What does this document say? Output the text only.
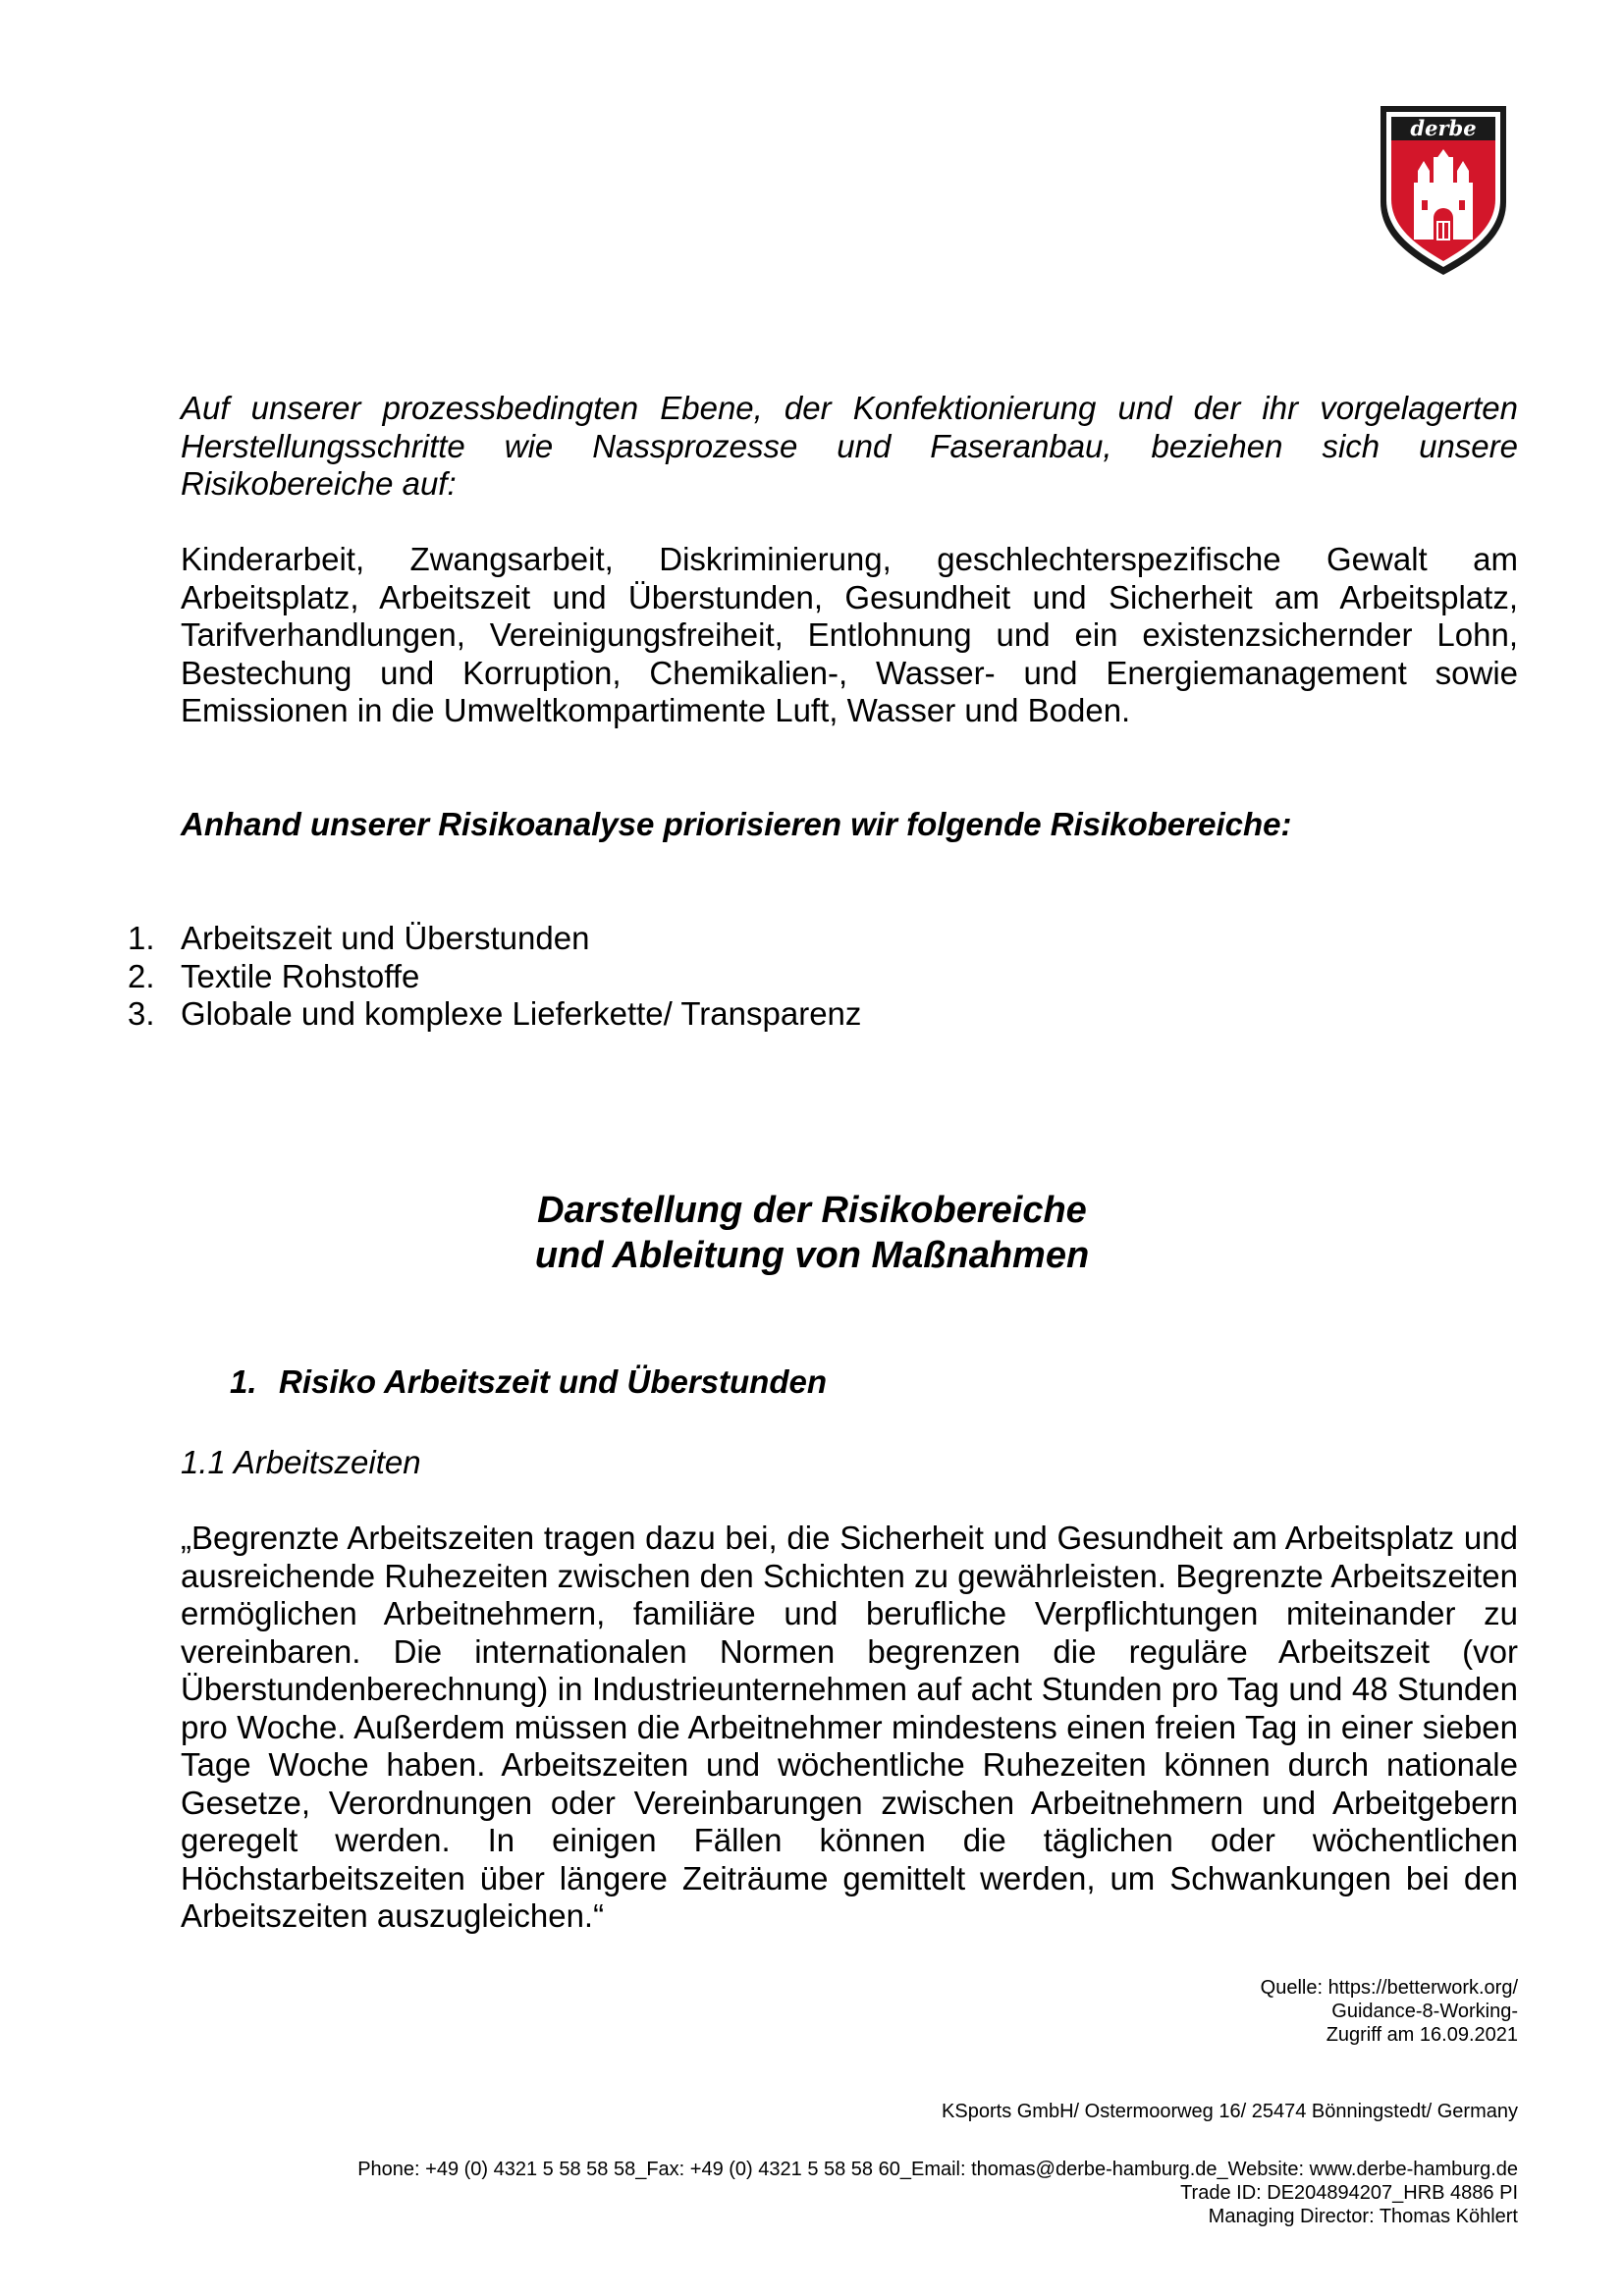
derbe
Auf unserer prozessbedingten Ebene, der Konfektionierung und der ihr vorgelagerten Herstellungsschritte wie Nassprozesse und Faseranbau, beziehen sich unsere Risikobereiche auf:
Kinderarbeit, Zwangsarbeit, Diskriminierung, geschlechterspezifische Gewalt am Arbeitsplatz, Arbeitszeit und Überstunden, Gesundheit und Sicherheit am Arbeitsplatz, Tarifverhandlungen, Vereinigungsfreiheit, Entlohnung und ein existenzsichernder Lohn, Bestechung und Korruption, Chemikalien-, Wasser- und Energiemanagement sowie Emissionen in die Umweltkompartimente Luft, Wasser und Boden.
Anhand unserer Risikoanalyse priorisieren wir folgende Risikobereiche:
1. Arbeitszeit und Überstunden
2. Textile Rohstoffe
3. Globale und komplexe Lieferkette/ Transparenz
Darstellung der Risikobereiche
und Ableitung von Maßnahmen
1. Risiko Arbeitszeit und Überstunden
1.1 Arbeitszeiten
„Begrenzte Arbeitszeiten tragen dazu bei, die Sicherheit und Gesundheit am Arbeitsplatz und ausreichende Ruhezeiten zwischen den Schichten zu gewährleisten. Begrenzte Arbeitszeiten ermöglichen Arbeitnehmern, familiäre und berufliche Verpflichtungen miteinander zu vereinbaren. Die internationalen Normen begrenzen die reguläre Arbeitszeit (vor Überstundenberechnung) in Industrieunternehmen auf acht Stunden pro Tag und 48 Stunden pro Woche. Außerdem müssen die Arbeitnehmer mindestens einen freien Tag in einer sieben Tage Woche haben. Arbeitszeiten und wöchentliche Ruhezeiten können durch nationale Gesetze, Verordnungen oder Vereinbarungen zwischen Arbeitnehmern und Arbeitgebern geregelt werden. In einigen Fällen können die täglichen oder wöchentlichen Höchstarbeitszeiten über längere Zeiträume gemittelt werden, um Schwankungen bei den Arbeitszeiten auszugleichen.“
Quelle: https://betterwork.org/
Guidance-8-Working-
Zugriff am 16.09.2021
KSports GmbH/ Ostermoorweg 16/ 25474 Bönningstedt/ Germany
Phone: +49 (0) 4321 5 58 58 58_Fax: +49 (0) 4321 5 58 58 60_Email: thomas@derbe-hamburg.de_Website: www.derbe-hamburg.de
Trade ID: DE204894207_HRB 4886 PI
Managing Director: Thomas Köhlert
